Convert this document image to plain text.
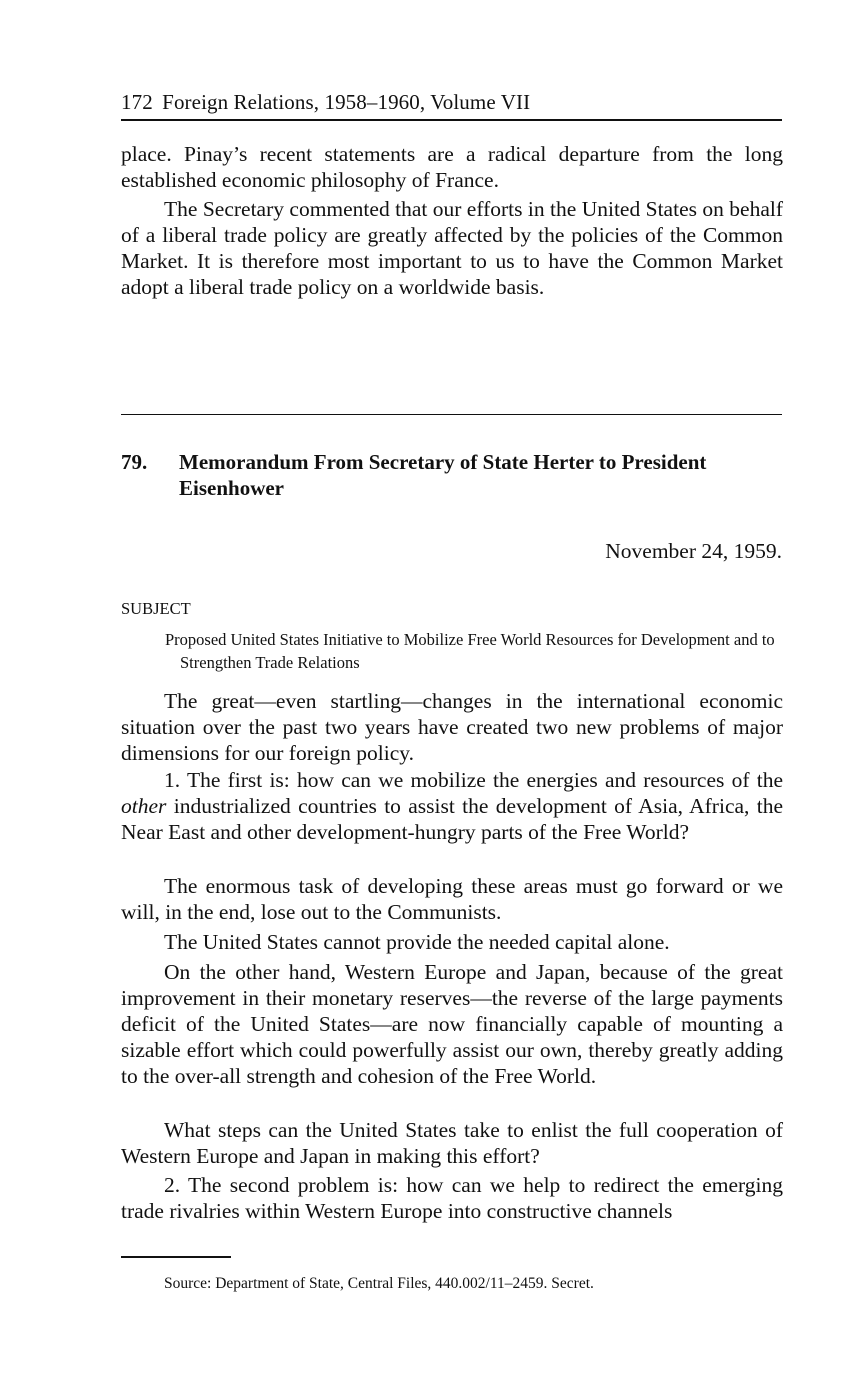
172 Foreign Relations, 1958–1960, Volume VII

place. Pinay’s recent statements are a radical departure from the long established economic philosophy of France.

The Secretary commented that our efforts in the United States on behalf of a liberal trade policy are greatly affected by the policies of the Common Market. It is therefore most important to us to have the Common Market adopt a liberal trade policy on a worldwide basis.

79. Memorandum From Secretary of State Herter to President Eisenhower
November 24, 1959.
SUBJECT
Proposed United States Initiative to Mobilize Free World Resources for Development and to Strengthen Trade Relations

The great—even startling—changes in the international economic situation over the past two years have created two new problems of major dimensions for our foreign policy.

1. The first is: how can we mobilize the energies and resources of the other industrialized countries to assist the development of Asia, Africa, the Near East and other development-hungry parts of the Free World?

The enormous task of developing these areas must go forward or we will, in the end, lose out to the Communists.

The United States cannot provide the needed capital alone.

On the other hand, Western Europe and Japan, because of the great improvement in their monetary reserves—the reverse of the large payments deficit of the United States—are now financially capable of mounting a sizable effort which could powerfully assist our own, thereby greatly adding to the over-all strength and cohesion of the Free World.

What steps can the United States take to enlist the full cooperation of Western Europe and Japan in making this effort?

2. The second problem is: how can we help to redirect the emerging trade rivalries within Western Europe into constructive channels

Source: Department of State, Central Files, 440.002/11–2459. Secret.
